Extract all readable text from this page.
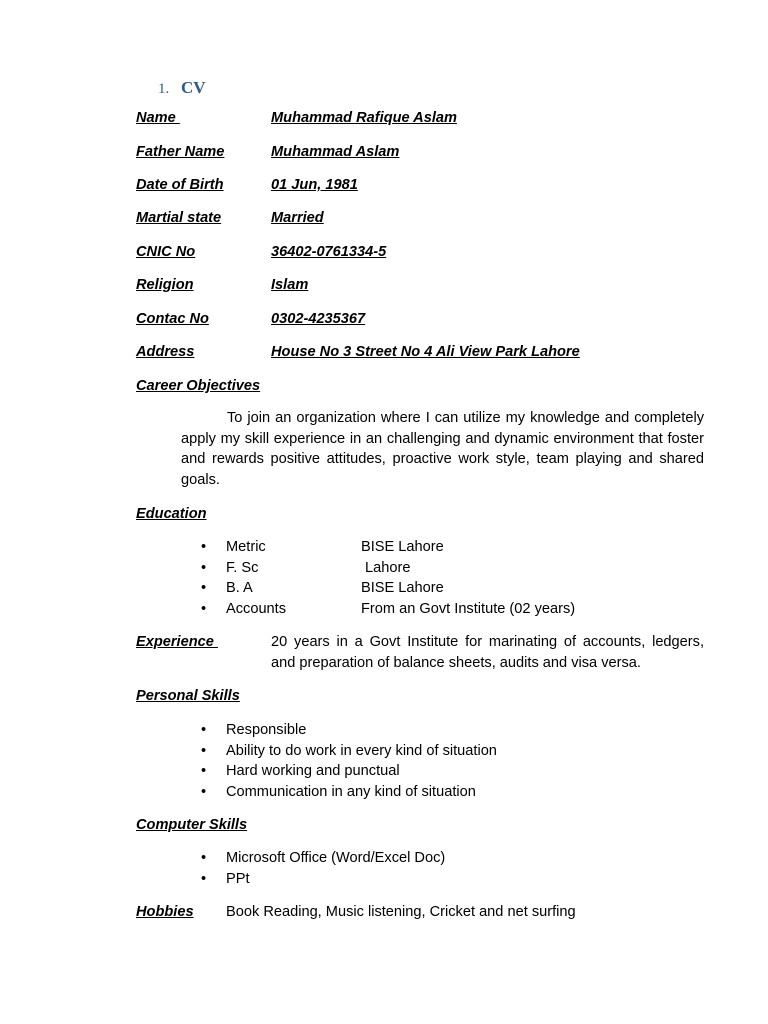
1. CV
Name	Muhammad Rafique Aslam
Father Name	Muhammad Aslam
Date of Birth	01 Jun, 1981
Martial state	Married
CNIC No	36402-0761334-5
Religion	Islam
Contac No	0302-4235367
Address	House No 3 Street No 4 Ali View Park Lahore
Career Objectives

To join an organization where I can utilize my knowledge and completely apply my skill experience in an challenging and dynamic environment that foster and rewards positive attitudes, proactive work style, team playing and shared goals.

Education
• Metric	BISE Lahore
• F. Sc	Lahore
• B. A	BISE Lahore
• Accounts	From an Govt Institute (02 years)
Experience	20 years in a Govt Institute for marinating of accounts, ledgers, and preparation of balance sheets, audits and visa versa.

Personal Skills
• Responsible
• Ability to do work in every kind of situation
• Hard working and punctual
• Communication in any kind of situation
Computer Skills
• Microsoft Office (Word/Excel Doc)
• PPt
Hobbies Book Reading, Music listening, Cricket and net surfing
